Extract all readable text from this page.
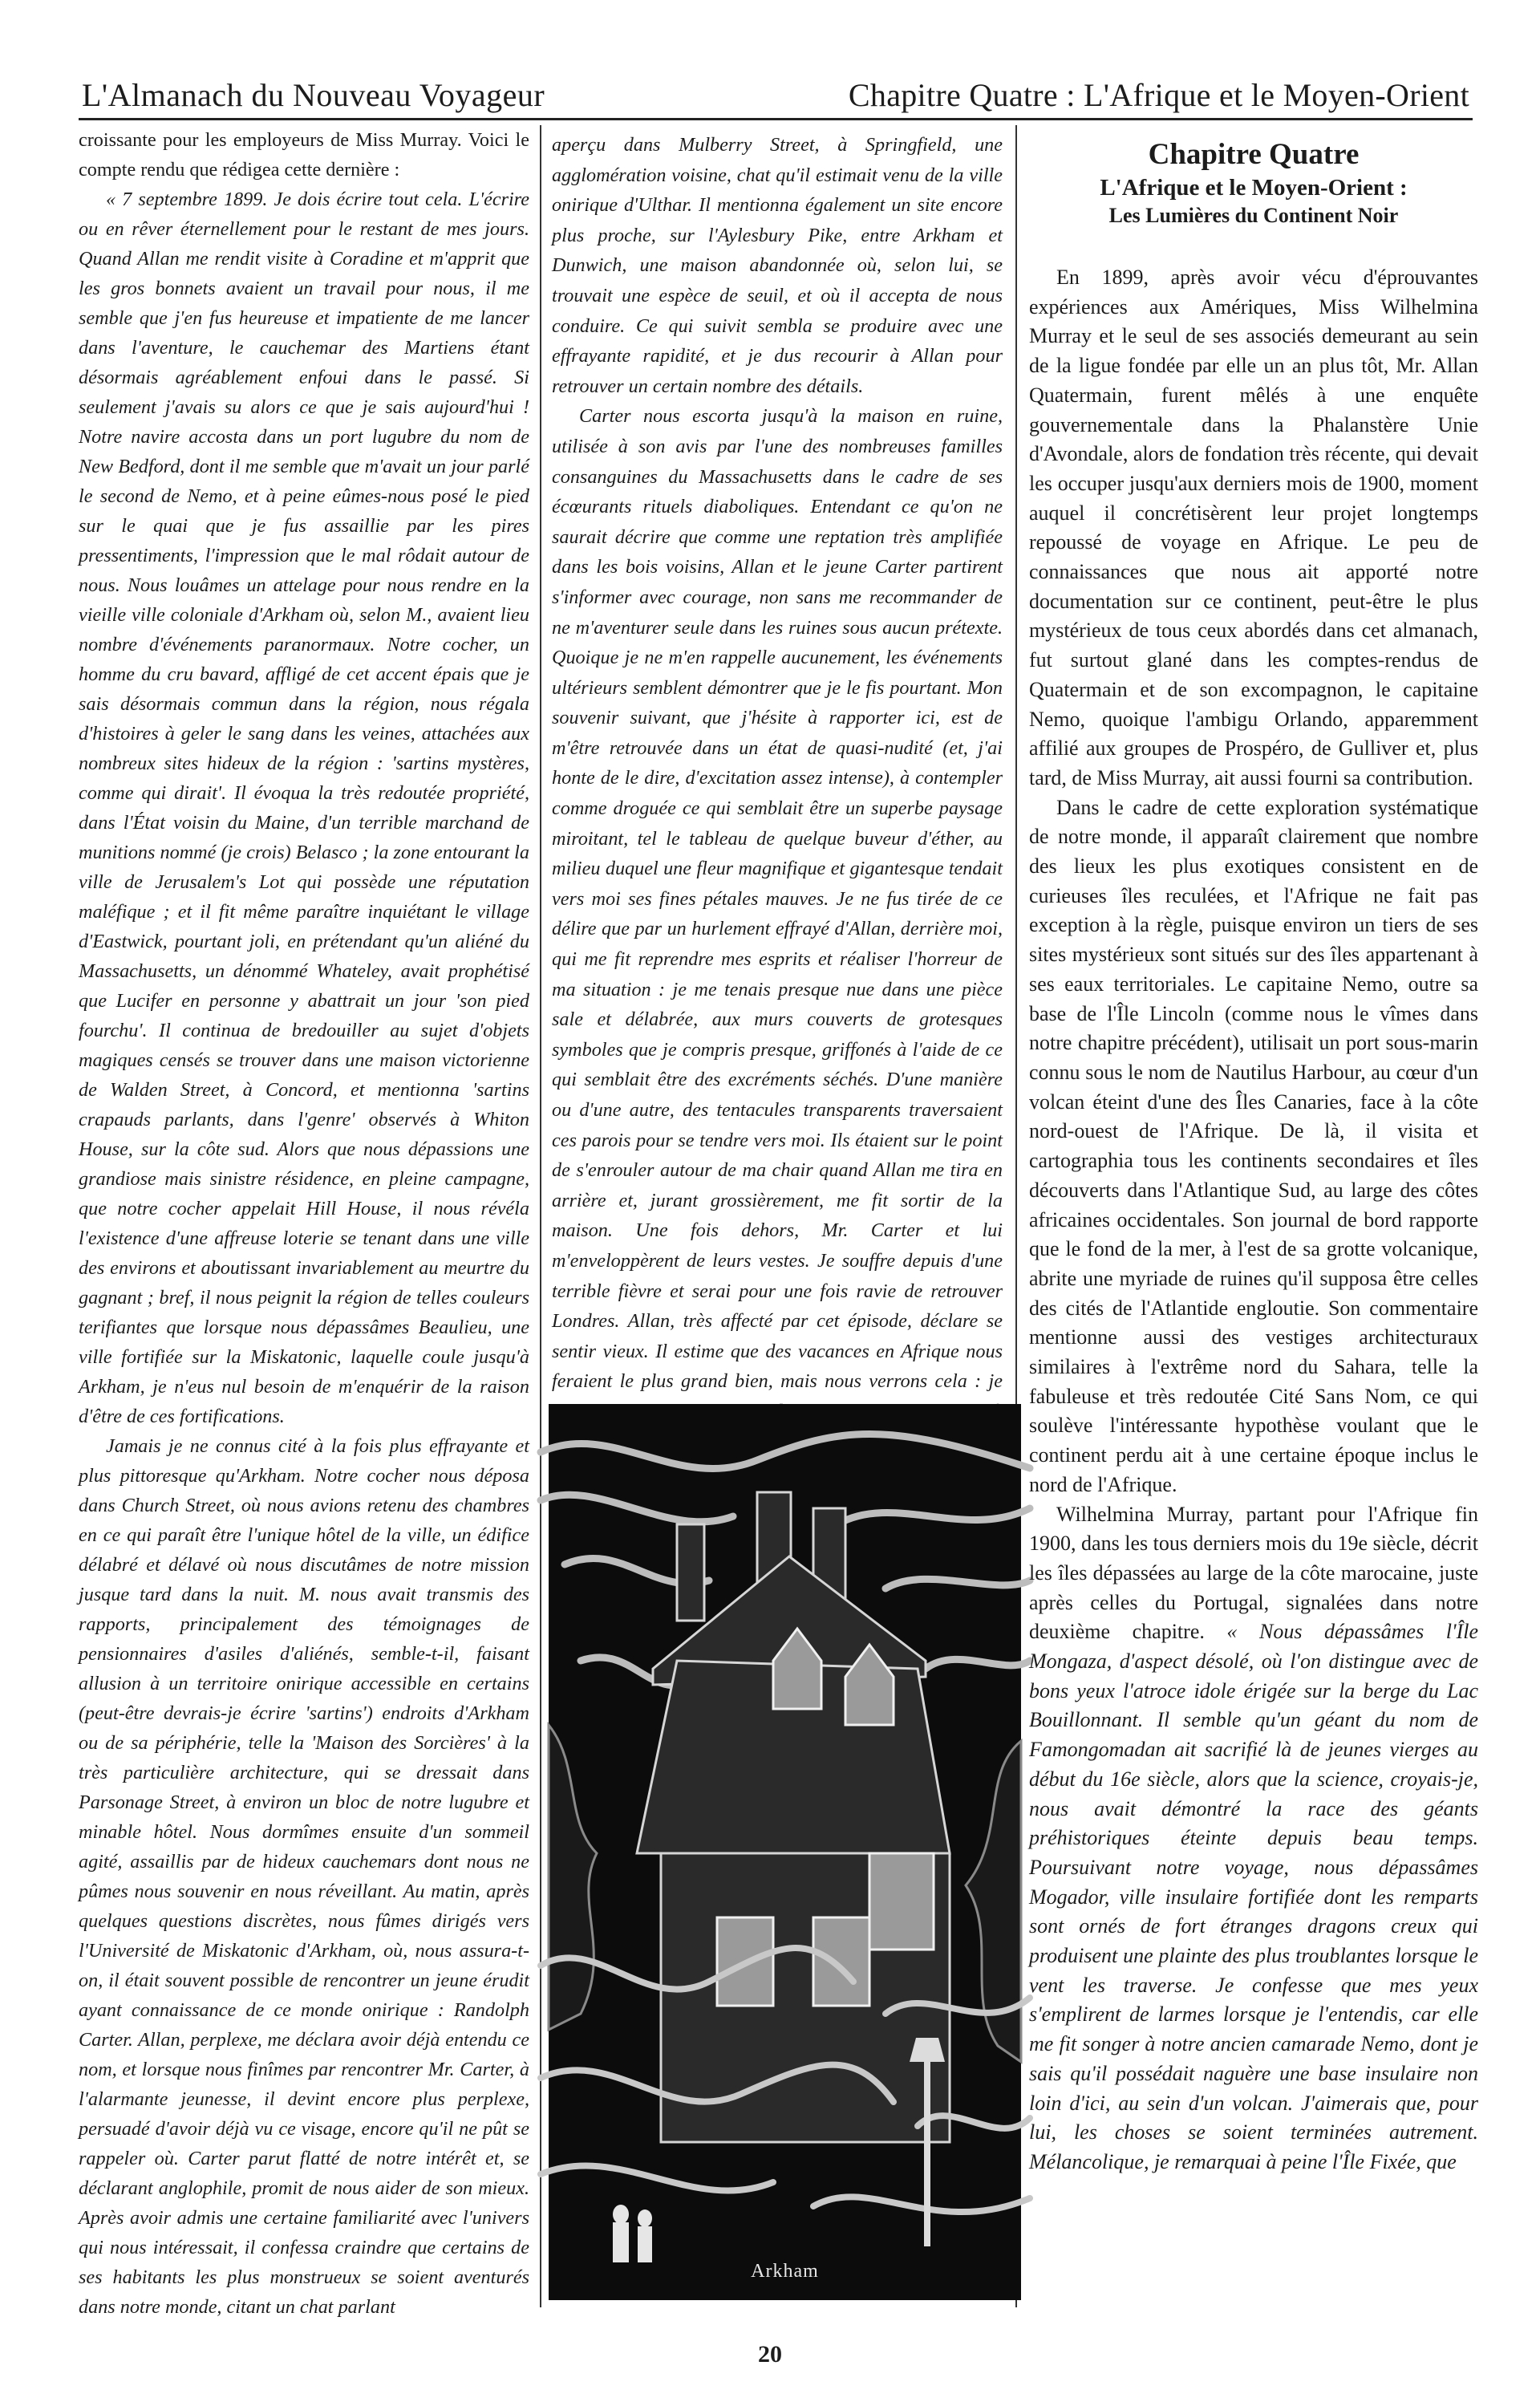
L'Almanach du Nouveau Voyageur	Chapitre Quatre : L'Afrique et le Moyen-Orient

croissante pour les employeurs de Miss Murray. Voici le compte rendu que rédigea cette dernière :

« 7 septembre 1899. Je dois écrire tout cela. L'écrire ou en rêver éternellement pour le restant de mes jours. Quand Allan me rendit visite à Coradine et m'apprit que les gros bonnets avaient un travail pour nous, il me semble que j'en fus heureuse et impatiente de me lancer dans l'aventure, le cauchemar des Martiens étant désormais agréablement enfoui dans le passé. Si seulement j'avais su alors ce que je sais aujourd'hui ! Notre navire accosta dans un port lugubre du nom de New Bedford, dont il me semble que m'avait un jour parlé le second de Nemo, et à peine eûmes-nous posé le pied sur le quai que je fus assaillie par les pires pressentiments, l'impression que le mal rôdait autour de nous. Nous louâmes un attelage pour nous rendre en la vieille ville coloniale d'Arkham où, selon M., avaient lieu nombre d'événements paranormaux. Notre cocher, un homme du cru bavard, affligé de cet accent épais que je sais désormais commun dans la région, nous régala d'histoires à geler le sang dans les veines, attachées aux nombreux sites hideux de la région : 'sartins mystères, comme qui dirait'. Il évoqua la très redoutée propriété, dans l'État voisin du Maine, d'un terrible marchand de munitions nommé (je crois) Belasco ; la zone entourant la ville de Jerusalem's Lot qui possède une réputation maléfique ; et il fit même paraître inquiétant le village d'Eastwick, pourtant joli, en prétendant qu'un aliéné du Massachusetts, un dénommé Whateley, avait prophétisé que Lucifer en personne y abattrait un jour 'son pied fourchu'. Il continua de bredouiller au sujet d'objets magiques censés se trouver dans une maison victorienne de Walden Street, à Concord, et mentionna 'sartins crapauds parlants, dans l'genre' observés à Whiton House, sur la côte sud. Alors que nous dépassions une grandiose mais sinistre résidence, en pleine campagne, que notre cocher appelait Hill House, il nous révéla l'existence d'une affreuse loterie se tenant dans une ville des environs et aboutissant invariablement au meurtre du gagnant ; bref, il nous peignit la région de telles couleurs terifiantes que lorsque nous dépassâmes Beaulieu, une ville fortifiée sur la Miskatonic, laquelle coule jusqu'à Arkham, je n'eus nul besoin de m'enquérir de la raison d'être de ces fortifications.

Jamais je ne connus cité à la fois plus effrayante et plus pittoresque qu'Arkham. Notre cocher nous déposa dans Church Street, où nous avions retenu des chambres en ce qui paraît être l'unique hôtel de la ville, un édifice délabré et délavé où nous discutâmes de notre mission jusque tard dans la nuit. M. nous avait transmis des rapports, principalement des témoignages de pensionnaires d'asiles d'aliénés, semble-t-il, faisant allusion à un territoire onirique accessible en certains (peut-être devrais-je écrire 'sartins') endroits d'Arkham ou de sa périphérie, telle la 'Maison des Sorcières' à la très particulière architecture, qui se dressait dans Parsonage Street, à environ un bloc de notre lugubre et minable hôtel. Nous dormîmes ensuite d'un sommeil agité, assaillis par de hideux cauchemars dont nous ne pûmes nous souvenir en nous réveillant. Au matin, après quelques questions discrètes, nous fûmes dirigés vers l'Université de Miskatonic d'Arkham, où, nous assura-t-on, il était souvent possible de rencontrer un jeune érudit ayant connaissance de ce monde onirique : Randolph Carter. Allan, perplexe, me déclara avoir déjà entendu ce nom, et lorsque nous finîmes par rencontrer Mr. Carter, à l'alarmante jeunesse, il devint encore plus perplexe, persuadé d'avoir déjà vu ce visage, encore qu'il ne pût se rappeler où. Carter parut flatté de notre intérêt et, se déclarant anglophile, promit de nous aider de son mieux. Après avoir admis une certaine familiarité avec l'univers qui nous intéressait, il confessa craindre que certains de ses habitants les plus monstrueux se soient aventurés dans notre monde, citant un chat parlant

aperçu dans Mulberry Street, à Springfield, une agglomération voisine, chat qu'il estimait venu de la ville onirique d'Ulthar. Il mentionna également un site encore plus proche, sur l'Aylesbury Pike, entre Arkham et Dunwich, une maison abandonnée où, selon lui, se trouvait une espèce de seuil, et où il accepta de nous conduire. Ce qui suivit sembla se produire avec une effrayante rapidité, et je dus recourir à Allan pour retrouver un certain nombre des détails.

Carter nous escorta jusqu'à la maison en ruine, utilisée à son avis par l'une des nombreuses familles consanguines du Massachusetts dans le cadre de ses écœurants rituels diaboliques. Entendant ce qu'on ne saurait décrire que comme une reptation très amplifiée dans les bois voisins, Allan et le jeune Carter partirent s'informer avec courage, non sans me recommander de ne m'aventurer seule dans les ruines sous aucun prétexte. Quoique je ne m'en rappelle aucunement, les événements ultérieurs semblent démontrer que je le fis pourtant. Mon souvenir suivant, que j'hésite à rapporter ici, est de m'être retrouvée dans un état de quasi-nudité (et, j'ai honte de le dire, d'excitation assez intense), à contempler comme droguée ce qui semblait être un superbe paysage miroitant, tel le tableau de quelque buveur d'éther, au milieu duquel une fleur magnifique et gigantesque tendait vers moi ses fines pétales mauves. Je ne fus tirée de ce délire que par un hurlement effrayé d'Allan, derrière moi, qui me fit reprendre mes esprits et réaliser l'horreur de ma situation : je me tenais presque nue dans une pièce sale et délabrée, aux murs couverts de grotesques symboles que je compris presque, griffonés à l'aide de ce qui semblait être des excréments séchés. D'une manière ou d'une autre, des tentacules transparents traversaient ces parois pour se tendre vers moi. Ils étaient sur le point de s'enrouler autour de ma chair quand Allan me tira en arrière et, jurant grossièrement, me fit sortir de la maison. Une fois dehors, Mr. Carter et lui m'enveloppèrent de leurs vestes. Je souffre depuis d'une terrible fièvre et serai pour une fois ravie de retrouver Londres. Allan, très affecté par cet épisode, déclare se sentir vieux. Il estime que des vacances en Afrique nous feraient le plus grand bien, mais nous verrons cela : je

Arkham
Chapitre Quatre
L'Afrique et le Moyen-Orient :
Les Lumières du Continent Noir

En 1899, après avoir vécu d'éprouvantes expériences aux Amériques, Miss Wilhelmina Murray et le seul de ses associés demeurant au sein de la ligue fondée par elle un an plus tôt, Mr. Allan Quatermain, furent mêlés à une enquête gouvernementale dans la Phalanstère Unie d'Avondale, alors de fondation très récente, qui devait les occuper jusqu'aux derniers mois de 1900, moment auquel il concrétisèrent leur projet longtemps repoussé de voyage en Afrique. Le peu de connaissances que nous ait apporté notre documentation sur ce continent, peut-être le plus mystérieux de tous ceux abordés dans cet almanach, fut surtout glané dans les comptes-rendus de Quatermain et de son excompagnon, le capitaine Nemo, quoique l'ambigu Orlando, apparemment affilié aux groupes de Prospéro, de Gulliver et, plus tard, de Miss Murray, ait aussi fourni sa contribution.

Dans le cadre de cette exploration systématique de notre monde, il apparaît clairement que nombre des lieux les plus exotiques consistent en de curieuses îles reculées, et l'Afrique ne fait pas exception à la règle, puisque environ un tiers de ses sites mystérieux sont situés sur des îles appartenant à ses eaux territoriales. Le capitaine Nemo, outre sa base de l'Île Lincoln (comme nous le vîmes dans notre chapitre précédent), utilisait un port sous-marin connu sous le nom de Nautilus Harbour, au cœur d'un volcan éteint d'une des Îles Canaries, face à la côte nord-ouest de l'Afrique. De là, il visita et cartographia tous les continents secondaires et îles découverts dans l'Atlantique Sud, au large des côtes africaines occidentales. Son journal de bord rapporte que le fond de la mer, à l'est de sa grotte volcanique, abrite une myriade de ruines qu'il supposa être celles des cités de l'Atlantide engloutie. Son commentaire mentionne aussi des vestiges architecturaux similaires à l'extrême nord du Sahara, telle la fabuleuse et très redoutée Cité Sans Nom, ce qui soulève l'intéressante hypothèse voulant que le continent perdu ait à une certaine époque inclus le nord de l'Afrique.

Wilhelmina Murray, partant pour l'Afrique fin 1900, dans les tous derniers mois du 19e siècle, décrit les îles dépassées au large de la côte marocaine, juste après celles du Portugal, signalées dans notre deuxième chapitre. « Nous dépassâmes l'Île Mongaza, d'aspect désolé, où l'on distingue avec de bons yeux l'atroce idole érigée sur la berge du Lac Bouillonnant. Il semble qu'un géant du nom de Famongomadan ait sacrifié là de jeunes vierges au début du 16e siècle, alors que la science, croyais-je, nous avait démontré la race des géants préhistoriques éteinte depuis beau temps. Poursuivant notre voyage, nous dépassâmes Mogador, ville insulaire fortifiée dont les remparts sont ornés de fort étranges dragons creux qui produisent une plainte des plus troublantes lorsque le vent les traverse. Je confesse que mes yeux s'emplirent de larmes lorsque je l'entendis, car elle me fit songer à notre ancien camarade Nemo, dont je sais qu'il possédait naguère une base insulaire non loin d'ici, au sein d'un volcan. J'aimerais que, pour lui, les choses se soient terminées autrement. Mélancolique, je remarquai à peine l'Île Fixée, que

20
